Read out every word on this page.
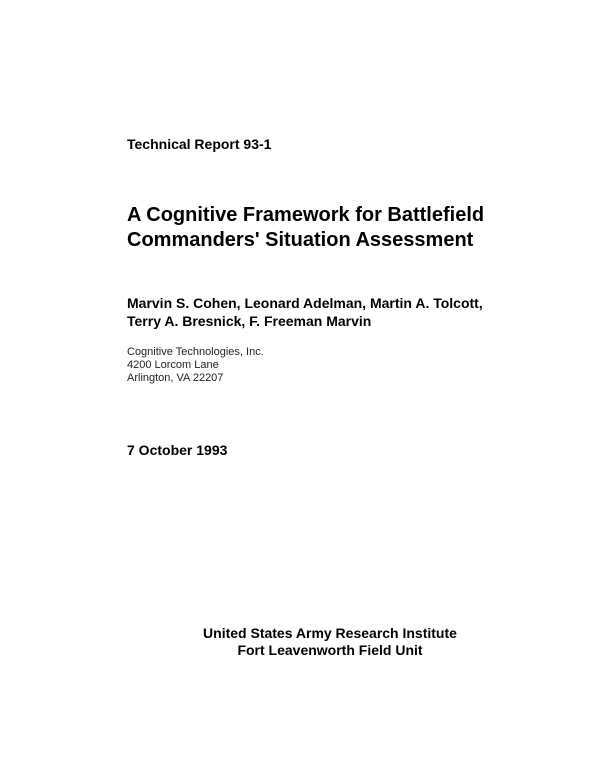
Technical Report 93-1

A Cognitive Framework for Battlefield
Commanders' Situation Assessment
Marvin S. Cohen, Leonard Adelman, Martin A. Tolcott,
Terry A. Bresnick, F. Freeman Marvin
Cognitive Technologies, Inc.
4200 Lorcom Lane
Arlington, VA 22207

7 October 1993

United States Army Research Institute
Fort Leavenworth Field Unit
